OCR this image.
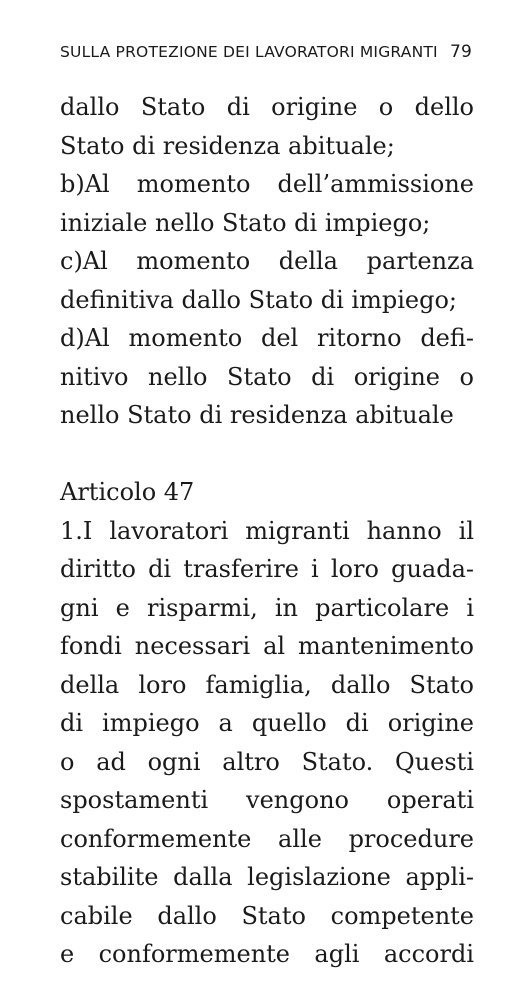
SULLA PROTEZIONE DEI LAVORATORI MIGRANTI 79
dallo Stato di origine o dello
Stato di residenza abituale;
b)Al momento dell’ammissione
iniziale nello Stato di impiego;
c)Al momento della partenza
definitiva dallo Stato di impiego;
d)Al momento del ritorno defi-
nitivo nello Stato di origine o
nello Stato di residenza abituale
Articolo 47
1.I lavoratori migranti hanno il
diritto di trasferire i loro guada-
gni e risparmi, in particolare i
fondi necessari al mantenimento
della loro famiglia, dallo Stato
di impiego a quello di origine
o ad ogni altro Stato. Questi
spostamenti vengono operati
conformemente alle procedure
stabilite dalla legislazione appli-
cabile dallo Stato competente
e conformemente agli accordi
